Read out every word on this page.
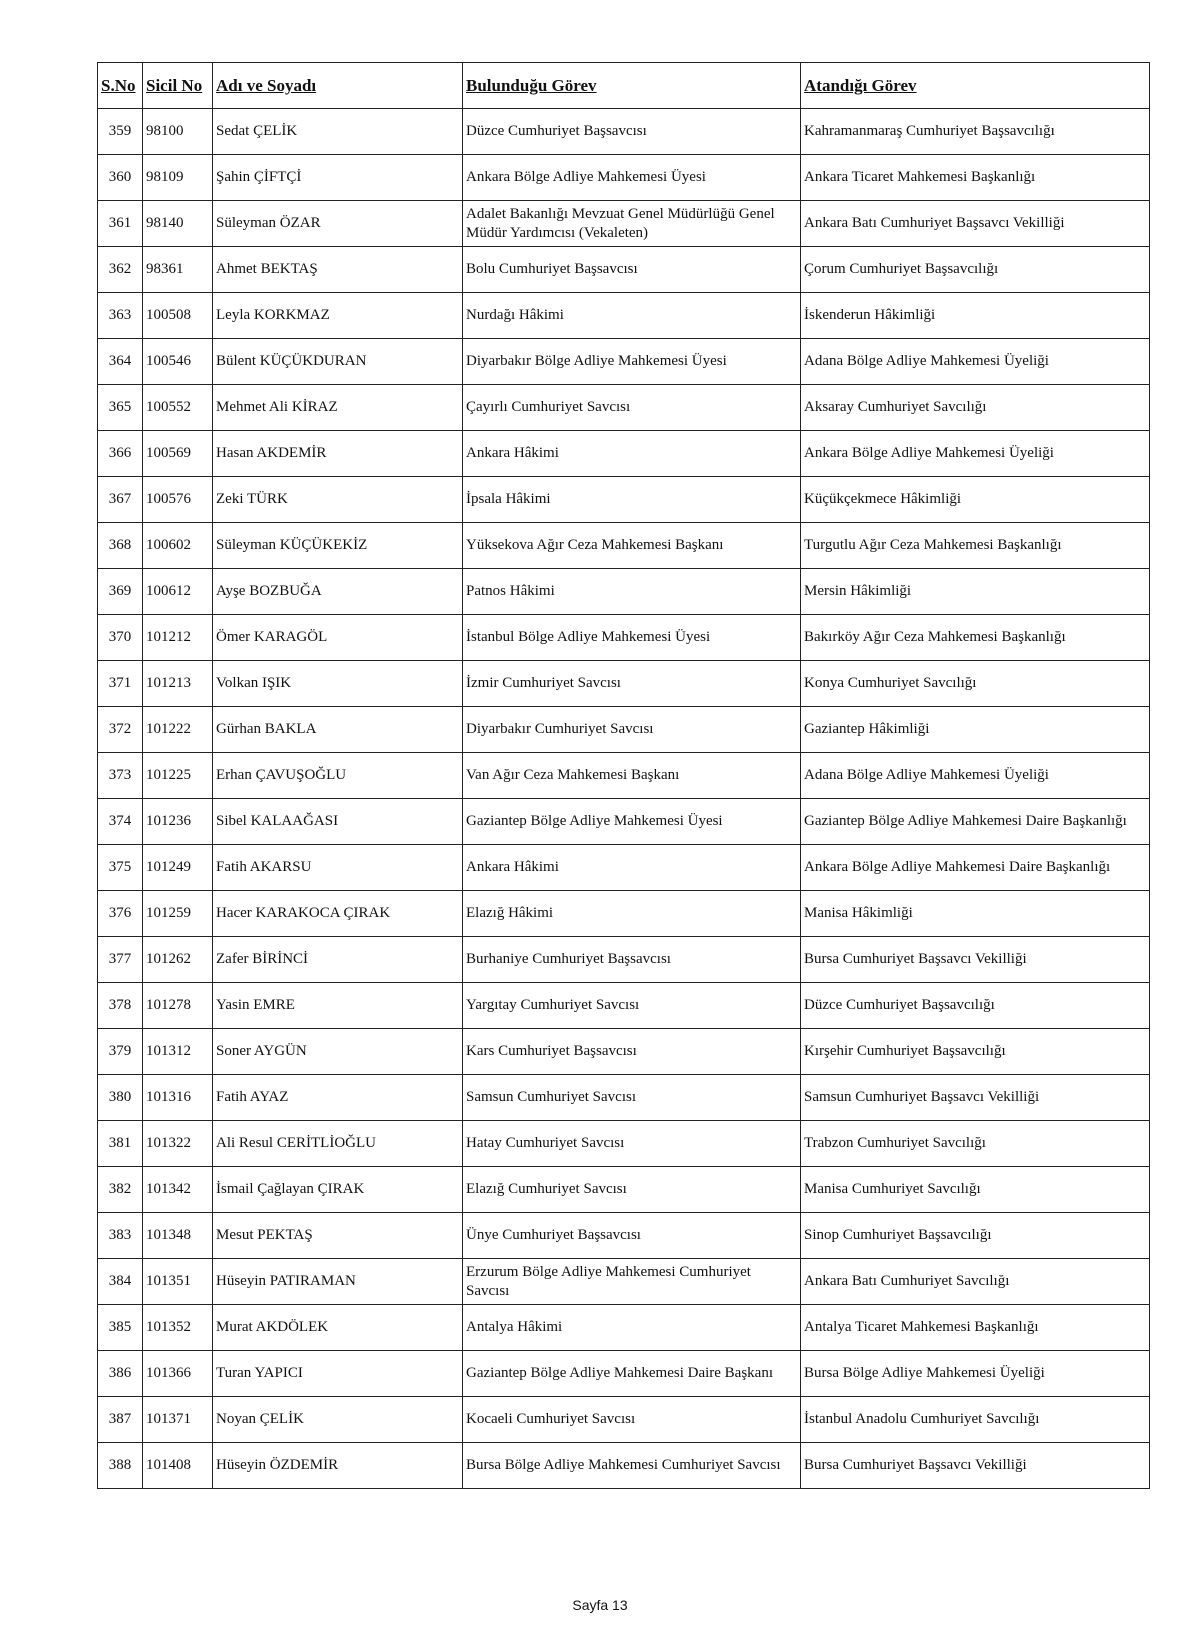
S.No	Sicil No	Adı ve Soyadı	Bulunduğu Görev	Atandığı Görev
359	98100	Sedat ÇELİK	Düzce Cumhuriyet Başsavcısı	Kahramanmaraş Cumhuriyet Başsavcılığı
360	98109	Şahin ÇİFTÇİ	Ankara Bölge Adliye Mahkemesi Üyesi	Ankara Ticaret Mahkemesi Başkanlığı
361	98140	Süleyman ÖZAR	Adalet Bakanlığı Mevzuat Genel Müdürlüğü Genel Müdür Yardımcısı (Vekaleten)	Ankara Batı Cumhuriyet Başsavcı Vekilliği
362	98361	Ahmet BEKTAŞ	Bolu Cumhuriyet Başsavcısı	Çorum Cumhuriyet Başsavcılığı
363	100508	Leyla KORKMAZ	Nurdağı Hâkimi	İskenderun Hâkimliği
364	100546	Bülent KÜÇÜKDURAN	Diyarbakır Bölge Adliye Mahkemesi Üyesi	Adana Bölge Adliye Mahkemesi Üyeliği
365	100552	Mehmet Ali KİRAZ	Çayırlı Cumhuriyet Savcısı	Aksaray Cumhuriyet Savcılığı
366	100569	Hasan AKDEMİR	Ankara Hâkimi	Ankara Bölge Adliye Mahkemesi Üyeliği
367	100576	Zeki TÜRK	İpsala Hâkimi	Küçükçekmece Hâkimliği
368	100602	Süleyman KÜÇÜKEKİZ	Yüksekova Ağır Ceza Mahkemesi Başkanı	Turgutlu Ağır Ceza Mahkemesi Başkanlığı
369	100612	Ayşe BOZBUĞA	Patnos Hâkimi	Mersin Hâkimliği
370	101212	Ömer KARAGÖL	İstanbul Bölge Adliye Mahkemesi Üyesi	Bakırköy Ağır Ceza Mahkemesi Başkanlığı
371	101213	Volkan IŞIK	İzmir Cumhuriyet Savcısı	Konya Cumhuriyet Savcılığı
372	101222	Gürhan BAKLA	Diyarbakır Cumhuriyet Savcısı	Gaziantep Hâkimliği
373	101225	Erhan ÇAVUŞOĞLU	Van Ağır Ceza Mahkemesi Başkanı	Adana Bölge Adliye Mahkemesi Üyeliği
374	101236	Sibel KALAAĞASI	Gaziantep Bölge Adliye Mahkemesi Üyesi	Gaziantep Bölge Adliye Mahkemesi Daire Başkanlığı
375	101249	Fatih AKARSU	Ankara Hâkimi	Ankara Bölge Adliye Mahkemesi Daire Başkanlığı
376	101259	Hacer KARAKOCA ÇIRAK	Elazığ Hâkimi	Manisa Hâkimliği
377	101262	Zafer BİRİNCİ	Burhaniye Cumhuriyet Başsavcısı	Bursa Cumhuriyet Başsavcı Vekilliği
378	101278	Yasin EMRE	Yargıtay Cumhuriyet Savcısı	Düzce Cumhuriyet Başsavcılığı
379	101312	Soner AYGÜN	Kars Cumhuriyet Başsavcısı	Kırşehir Cumhuriyet Başsavcılığı
380	101316	Fatih AYAZ	Samsun Cumhuriyet Savcısı	Samsun Cumhuriyet Başsavcı Vekilliği
381	101322	Ali Resul CERİTLİOĞLU	Hatay Cumhuriyet Savcısı	Trabzon Cumhuriyet Savcılığı
382	101342	İsmail Çağlayan ÇIRAK	Elazığ Cumhuriyet Savcısı	Manisa Cumhuriyet Savcılığı
383	101348	Mesut PEKTAŞ	Ünye Cumhuriyet Başsavcısı	Sinop Cumhuriyet Başsavcılığı
384	101351	Hüseyin PATIRAMAN	Erzurum Bölge Adliye Mahkemesi Cumhuriyet Savcısı	Ankara Batı Cumhuriyet Savcılığı
385	101352	Murat AKDÖLEK	Antalya Hâkimi	Antalya Ticaret Mahkemesi Başkanlığı
386	101366	Turan YAPICI	Gaziantep Bölge Adliye Mahkemesi Daire Başkanı	Bursa Bölge Adliye Mahkemesi Üyeliği
387	101371	Noyan ÇELİK	Kocaeli Cumhuriyet Savcısı	İstanbul Anadolu Cumhuriyet Savcılığı
388	101408	Hüseyin ÖZDEMİR	Bursa Bölge Adliye Mahkemesi Cumhuriyet Savcısı	Bursa Cumhuriyet Başsavcı Vekilliği
Sayfa 13
